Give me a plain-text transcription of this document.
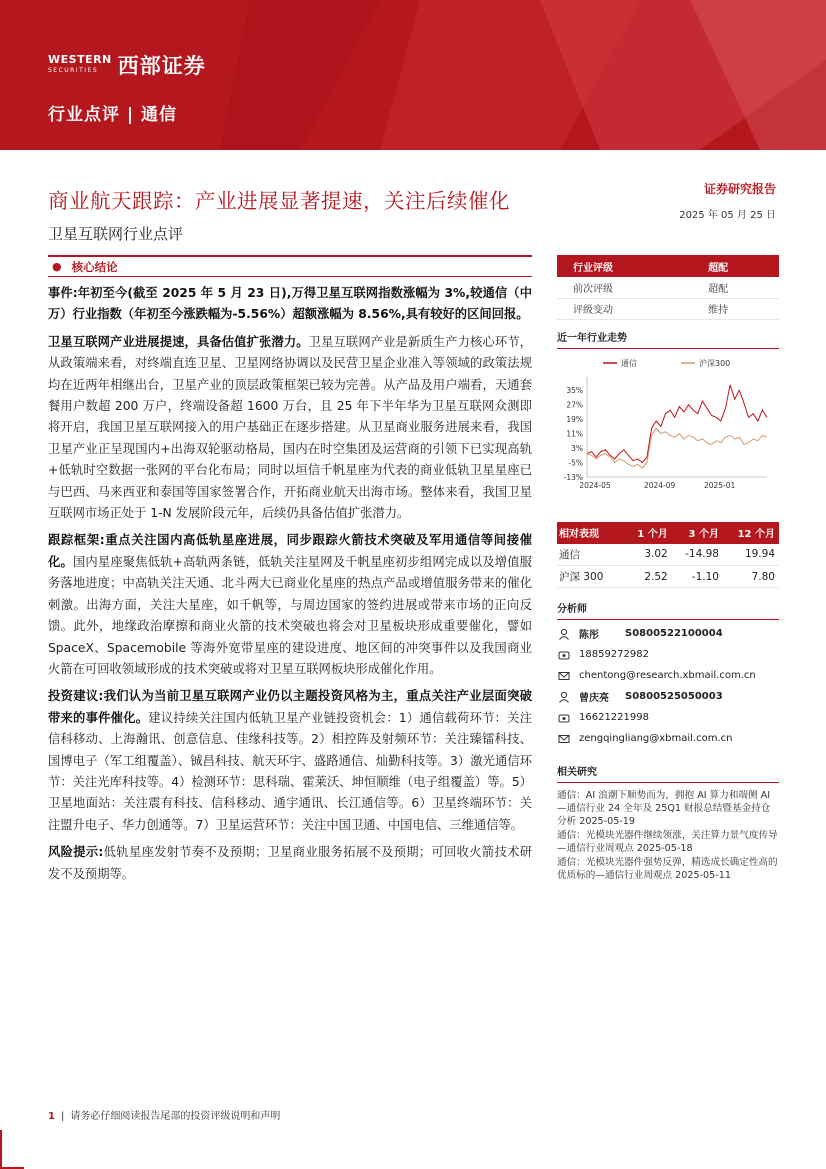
WESTERN
SECURITIES 西部证券
行业点评 | 通信
商业航天跟踪：产业进展显著提速，关注后续催化
卫星互联网行业点评
证券研究报告
2025 年 05 月 25 日
● 核心结论
事件:年初至今(截至 2025 年 5 月 23 日),万得卫星互联网指数涨幅为 3%,较通信（中万）行业指数（年初至今涨跌幅为-5.56%）超额涨幅为 8.56%,具有较好的区间回报。
卫星互联网产业进展提速，具备估值扩张潜力。卫星互联网产业是新质生产力核心环节，从政策端来看，对终端直连卫星、卫星网络协调以及民营卫星企业准入等领域的政策法规均在近两年相继出台，卫星产业的顶层政策框架已较为完善。从产品及用户端看，天通套餐用户数超 200 万户，终端设备超 1600 万台，且 25 年下半年华为卫星互联网众测即将开启，我国卫星互联网接入的用户基础正在逐步搭建。从卫星商业服务进展来看，我国卫星产业正呈现国内+出海双轮驱动格局，国内在时空集团及运营商的引领下已实现高轨+低轨时空数据一张网的平台化布局；同时以垣信千帆星座为代表的商业低轨卫星星座已与巴西、马来西亚和泰国等国家签署合作，开拓商业航天出海市场。整体来看，我国卫星互联网市场正处于 1-N 发展阶段元年，后续仍具备估值扩张潜力。
跟踪框架:重点关注国内高低轨星座进展，同步跟踪火箭技术突破及军用通信等间接催化。国内星座聚焦低轨+高轨两条链，低轨关注星网及千帆星座初步组网完成以及增值服务落地进度；中高轨关注天通、北斗两大已商业化星座的热点产品或增值服务带来的催化刺激。出海方面，关注大星座，如千帆等，与周边国家的签约进展或带来市场的正向反馈。此外，地缘政治摩擦和商业火箭的技术突破也将会对卫星板块形成重要催化，譬如 SpaceX、Spacemobile 等海外宽带星座的建设进度、地区间的冲突事件以及我国商业火箭在可回收领域形成的技术突破或将对卫星互联网板块形成催化作用。
投资建议:我们认为当前卫星互联网产业仍以主题投资风格为主，重点关注产业层面突破带来的事件催化。建议持续关注国内低轨卫星产业链投资机会：1）通信载荷环节：关注信科移动、上海瀚讯、创意信息、佳缘科技等。2）相控阵及射频环节：关注臻镭科技、国博电子（军工组覆盖）、铖昌科技、航天环宇、盛路通信、灿勤科技等。3）激光通信环节：关注光库科技等。4）检测环节：思科瑞、霍莱沃、坤恒顺维（电子组覆盖）等。5）卫星地面站：关注震有科技、信科移动、通宇通讯、长江通信等。6）卫星终端环节：关注盟升电子、华力创通等。7）卫星运营环节：关注中国卫通、中国电信、三维通信等。
风险提示:低轨星座发射节奏不及预期；卫星商业服务拓展不及预期；可回收火箭技术研发不及预期等。
行业评级	超配
前次评级	超配
评级变动	维持
近一年行业走势
通信	沪深300
35%
27%
19%
11%
3%
-5%
-13%
2024-05	2024-09	2025-01
相对表现	1 个月	3 个月	12 个月
通信	3.02	-14.98	19.94
沪深 300	2.52	-1.10	7.80
分析师
陈彤	S0800522100004
18859272982
chentong@research.xbmail.com.cn
曾庆亮	S0800525050003
16621221998
zengqingliang@xbmail.com.cn
相关研究
通信：AI 浪潮下顺势而为，拥抱 AI 算力和端侧 AI —通信行业 24 全年及 25Q1 财报总结暨基金持仓分析 2025-05-19
通信：光模块光器件继续领涨，关注算力景气度传导—通信行业周观点 2025-05-18
通信：光模块光器件强势反弹，精选成长确定性高的优质标的—通信行业周观点 2025-05-11
1 | 请务必仔细阅读报告尾部的投资评级说明和声明
